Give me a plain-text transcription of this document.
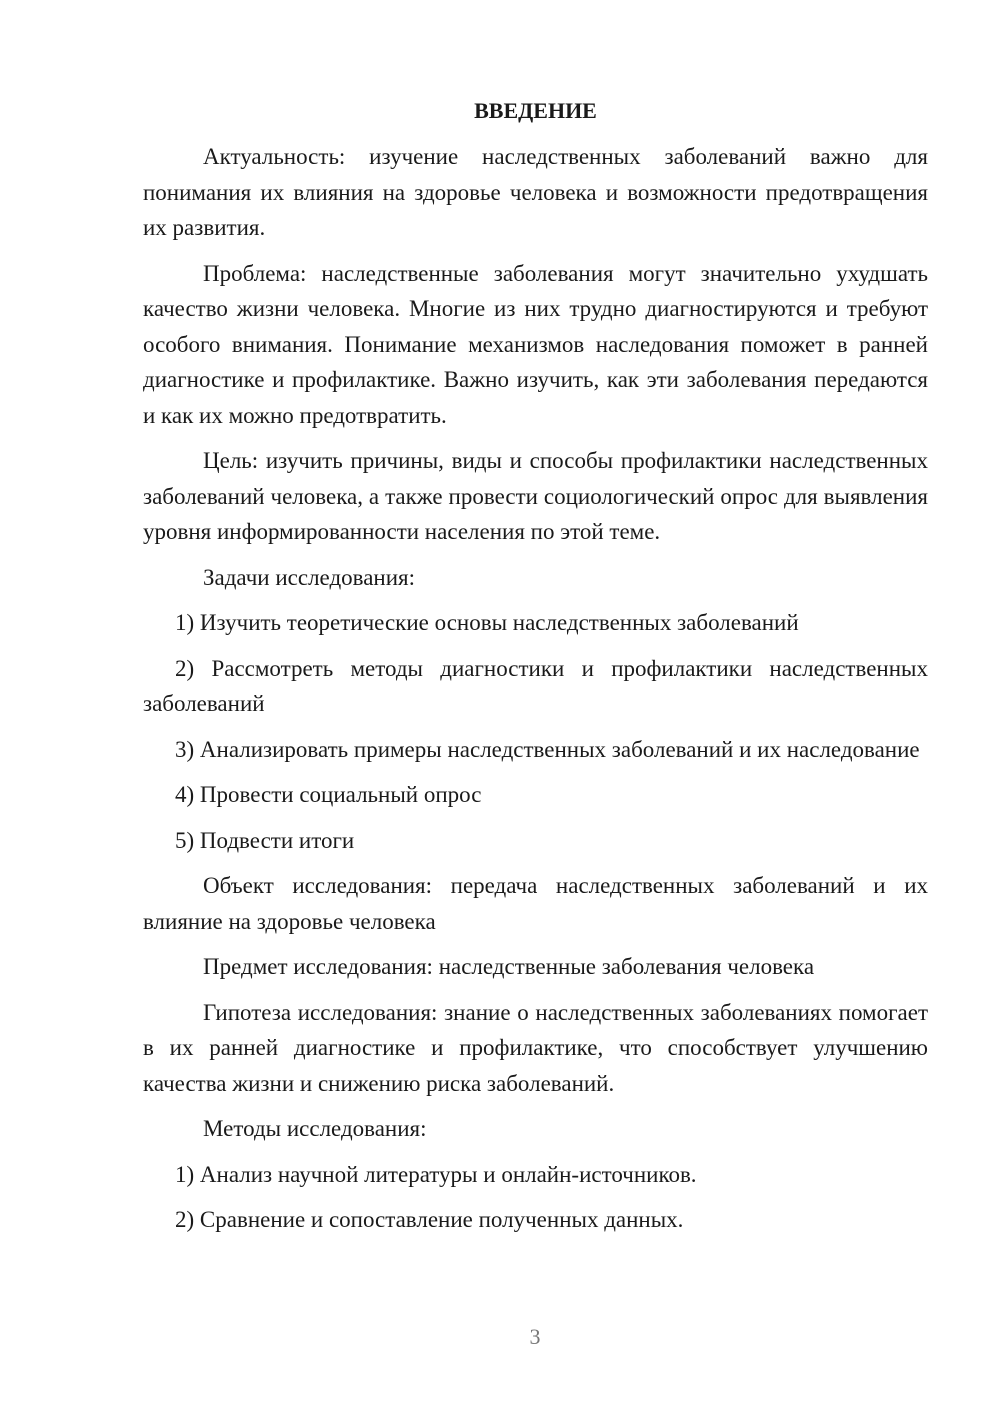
ВВЕДЕНИЕ
Актуальность: изучение наследственных заболеваний важно для понимания их влияния на здоровье человека и возможности предотвращения их развития.
Проблема: наследственные заболевания могут значительно ухудшать качество жизни человека. Многие из них трудно диагностируются и требуют особого внимания. Понимание механизмов наследования поможет в ранней диагностике и профилактике. Важно изучить, как эти заболевания передаются и как их можно предотвратить.
Цель: изучить причины, виды и способы профилактики наследственных заболеваний человека, а также провести социологический опрос для выявления уровня информированности населения по этой теме.
Задачи исследования:
1) Изучить теоретические основы наследственных заболеваний
2) Рассмотреть методы диагностики и профилактики наследственных заболеваний
3) Анализировать примеры наследственных заболеваний и их наследование
4) Провести социальный опрос
5) Подвести итоги
Объект исследования: передача наследственных заболеваний и их влияние на здоровье человека
Предмет исследования: наследственные заболевания человека
Гипотеза исследования: знание о наследственных заболеваниях помогает в их ранней диагностике и профилактике, что способствует улучшению качества жизни и снижению риска заболеваний.
Методы исследования:
1) Анализ научной литературы и онлайн-источников.
2) Сравнение и сопоставление полученных данных.
3
